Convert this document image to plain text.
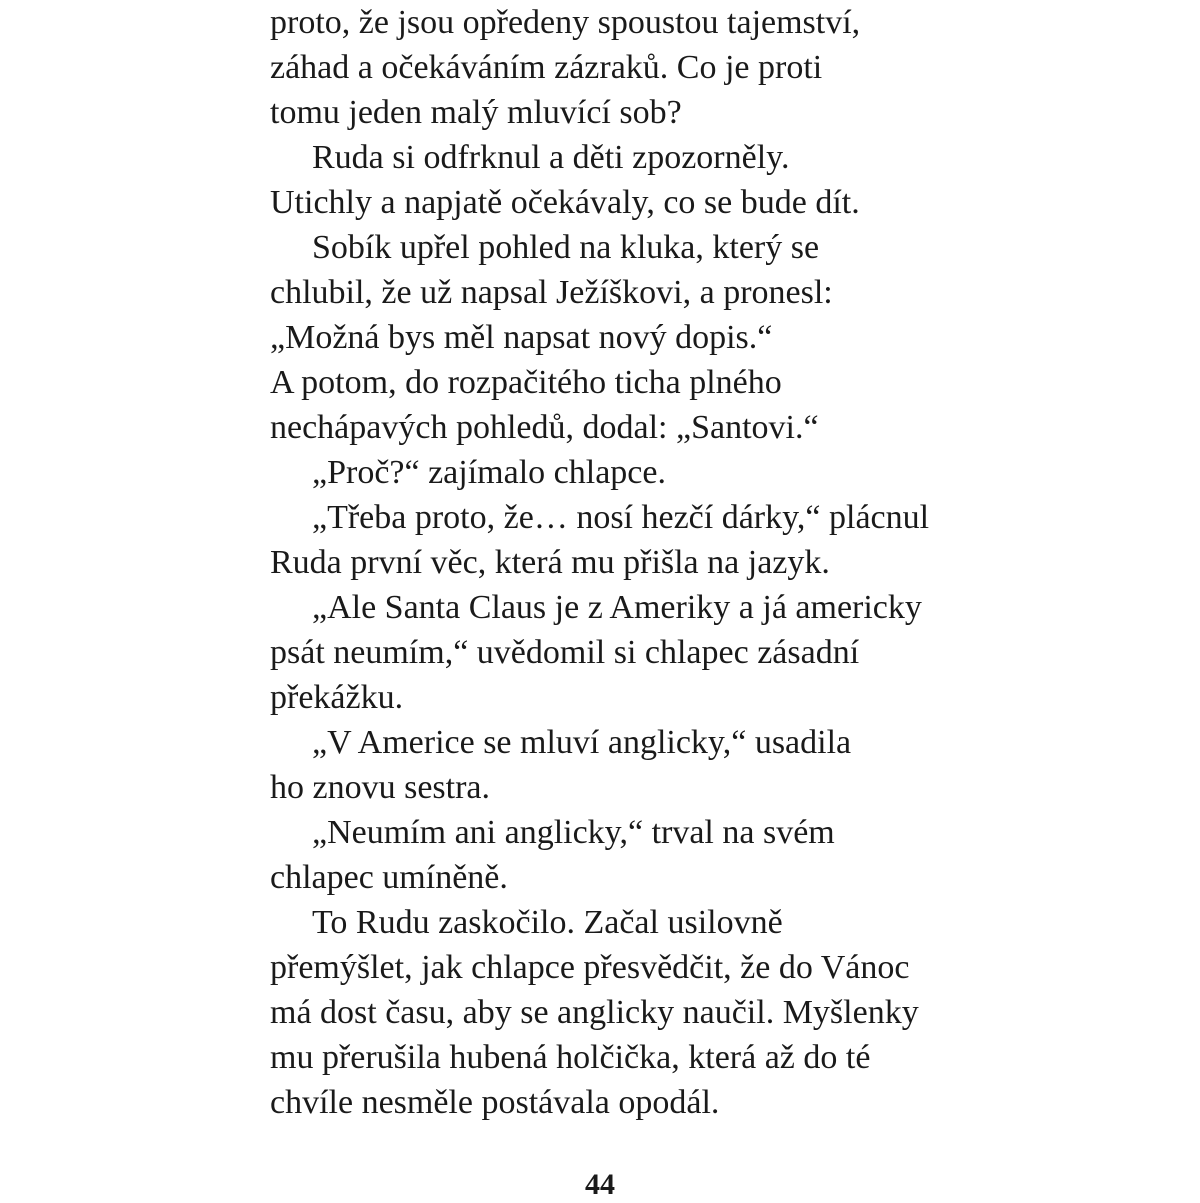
proto, že jsou opředeny spoustou tajemství,
záhad a očekáváním zázraků. Co je proti
tomu jeden malý mluvící sob?
Ruda si odfrknul a děti zpozorněly.
Utichly a napjatě očekávaly, co se bude dít.
Sobík upřel pohled na kluka, který se
chlubil, že už napsal Ježíškovi, a pronesl:
„Možná bys měl napsat nový dopis.“
A potom, do rozpačitého ticha plného
nechápavých pohledů, dodal: „Santovi.“
„Proč?“ zajímalo chlapce.
„Třeba proto, že… nosí hezčí dárky,“ plácnul
Ruda první věc, která mu přišla na jazyk.
„Ale Santa Claus je z Ameriky a já americky
psát neumím,“ uvědomil si chlapec zásadní
překážku.
„V Americe se mluví anglicky,“ usadila
ho znovu sestra.
„Neumím ani anglicky,“ trval na svém
chlapec umíněně.
To Rudu zaskočilo. Začal usilovně
přemýšlet, jak chlapce přesvědčit, že do Vánoc
má dost času, aby se anglicky naučil. Myšlenky
mu přerušila hubená holčička, která až do té
chvíle nesměle postávala opodál.
44
